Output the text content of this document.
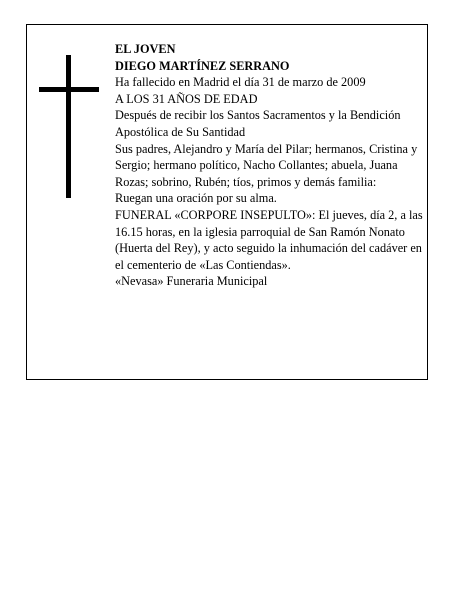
EL JOVEN

DIEGO MARTÍNEZ SERRANO

Ha fallecido en Madrid el día 31 de marzo de 2009

A LOS 31 AÑOS DE EDAD

Después de recibir los Santos Sacramentos y la Bendición Apostólica de Su Santidad

Sus padres, Alejandro y María del Pilar; hermanos, Cristina y Sergio; hermano político, Nacho Collantes; abuela, Juana Rozas; sobrino, Rubén; tíos, primos y demás familia:

Ruegan una oración por su alma.

FUNERAL «CORPORE INSEPULTO»: El jueves, día 2, a las 16.15 horas, en la iglesia parroquial de San Ramón Nonato (Huerta del Rey), y acto seguido la inhumación del cadáver en el cementerio de «Las Contiendas».

«Nevasa» Funeraria Municipal
